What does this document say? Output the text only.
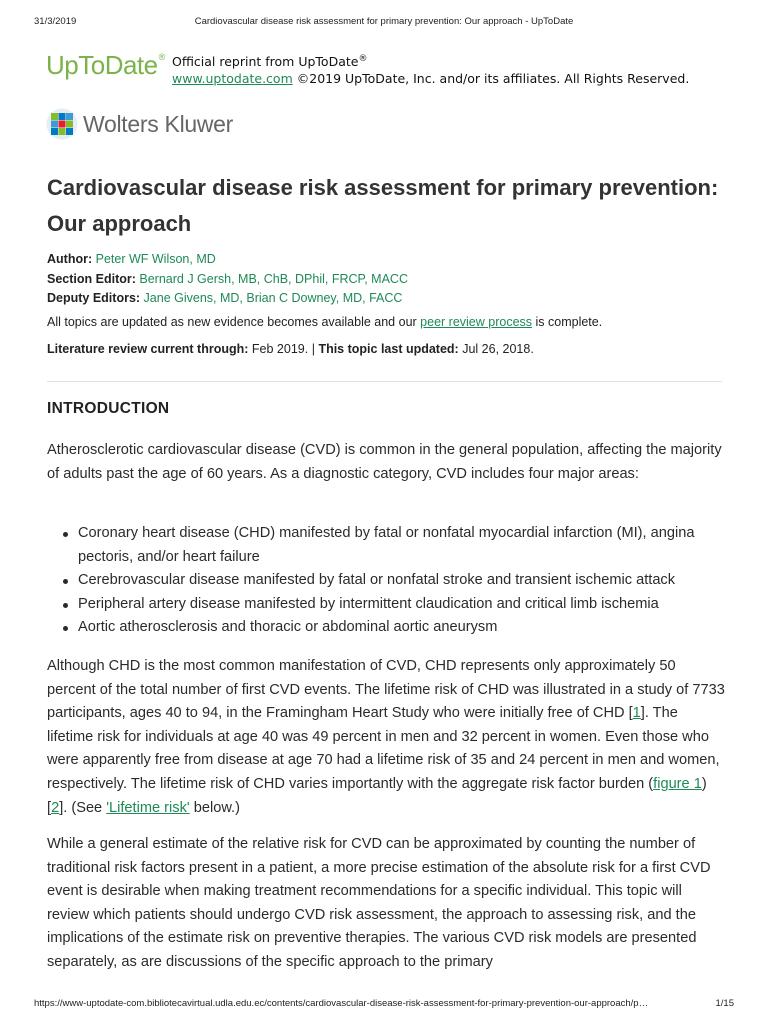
31/3/2019	Cardiovascular disease risk assessment for primary prevention: Our approach - UpToDate
UpToDate® Official reprint from UpToDate®
www.uptodate.com ©2019 UpToDate, Inc. and/or its affiliates. All Rights Reserved.
Wolters Kluwer
Cardiovascular disease risk assessment for primary prevention: Our approach
Author: Peter WF Wilson, MD
Section Editor: Bernard J Gersh, MB, ChB, DPhil, FRCP, MACC
Deputy Editors: Jane Givens, MD, Brian C Downey, MD, FACC
All topics are updated as new evidence becomes available and our peer review process is complete.
Literature review current through: Feb 2019. | This topic last updated: Jul 26, 2018.
INTRODUCTION

Atherosclerotic cardiovascular disease (CVD) is common in the general population, affecting the majority of adults past the age of 60 years. As a diagnostic category, CVD includes four major areas:

Coronary heart disease (CHD) manifested by fatal or nonfatal myocardial infarction (MI), angina pectoris, and/or heart failure
Cerebrovascular disease manifested by fatal or nonfatal stroke and transient ischemic attack
Peripheral artery disease manifested by intermittent claudication and critical limb ischemia
Aortic atherosclerosis and thoracic or abdominal aortic aneurysm

Although CHD is the most common manifestation of CVD, CHD represents only approximately 50 percent of the total number of first CVD events. The lifetime risk of CHD was illustrated in a study of 7733 participants, ages 40 to 94, in the Framingham Heart Study who were initially free of CHD [1]. The lifetime risk for individuals at age 40 was 49 percent in men and 32 percent in women. Even those who were apparently free from disease at age 70 had a lifetime risk of 35 and 24 percent in men and women, respectively. The lifetime risk of CHD varies importantly with the aggregate risk factor burden (figure 1) [2]. (See 'Lifetime risk' below.)

While a general estimate of the relative risk for CVD can be approximated by counting the number of traditional risk factors present in a patient, a more precise estimation of the absolute risk for a first CVD event is desirable when making treatment recommendations for a specific individual. This topic will review which patients should undergo CVD risk assessment, the approach to assessing risk, and the implications of the estimate risk on preventive therapies. The various CVD risk models are presented separately, as are discussions of the specific approach to the primary

https://www-uptodate-com.bibliotecavirtual.udla.edu.ec/contents/cardiovascular-disease-risk-assessment-for-primary-prevention-our-approach/p…	1/15
